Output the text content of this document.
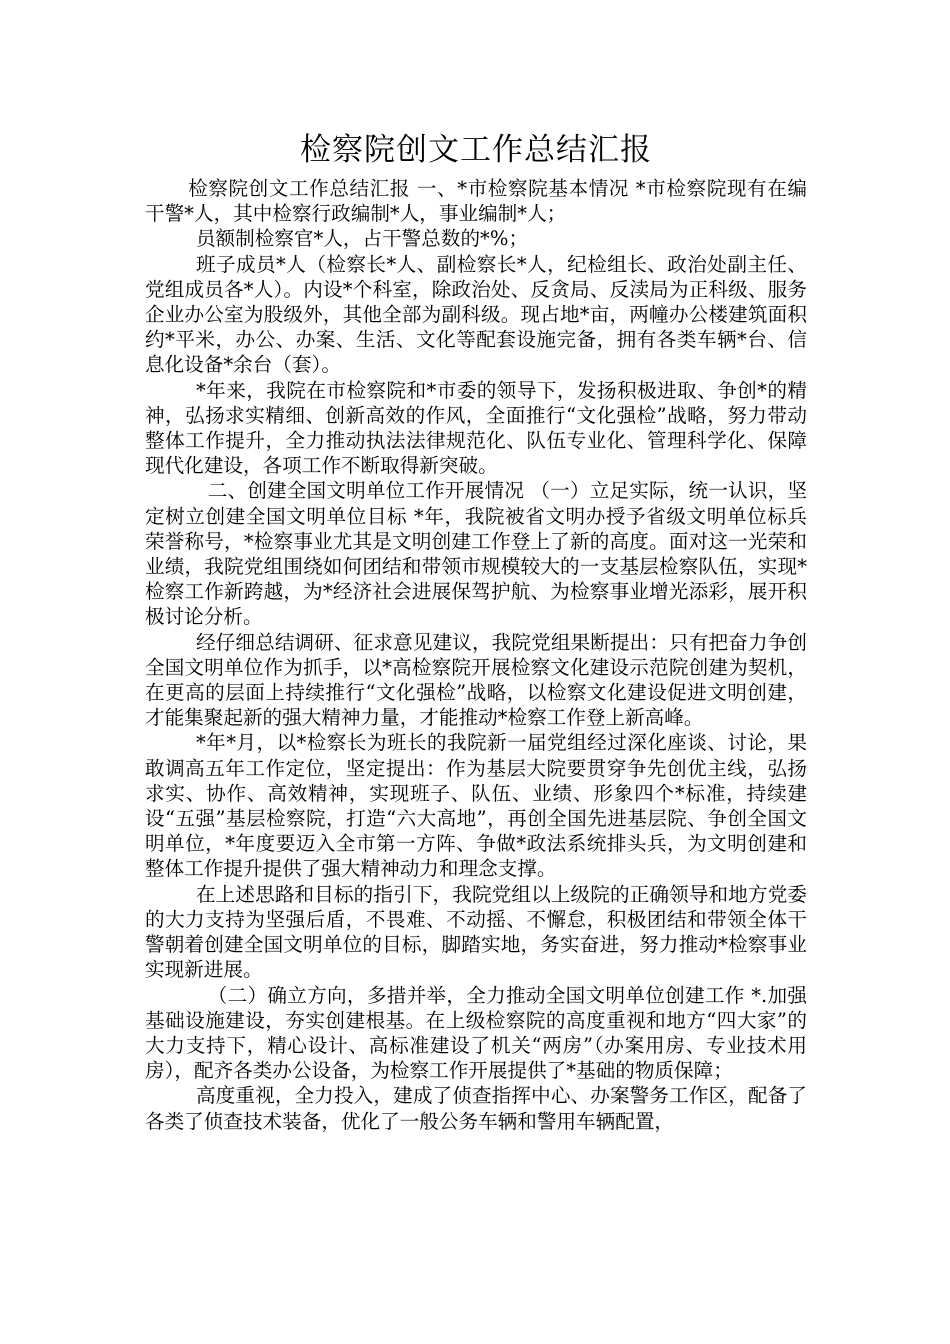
检察院创文工作总结汇报

检察院创文工作总结汇报 一、*市检察院基本情况 *市检察院现有在编干警*人，其中检察行政编制*人，事业编制*人；

员额制检察官*人，占干警总数的*%；

班子成员*人（检察长*人、副检察长*人，纪检组长、政治处副主任、党组成员各*人）。内设*个科室，除政治处、反贪局、反渎局为正科级、服务企业办公室为股级外，其他全部为副科级。现占地*亩，两幢办公楼建筑面积约*平米，办公、办案、生活、文化等配套设施完备，拥有各类车辆*台、信息化设备*余台（套）。

*年来，我院在市检察院和*市委的领导下，发扬积极进取、争创*的精神，弘扬求实精细、创新高效的作风，全面推行“文化强检”战略，努力带动整体工作提升，全力推动执法法律规范化、队伍专业化、管理科学化、保障现代化建设，各项工作不断取得新突破。

二、创建全国文明单位工作开展情况 （一）立足实际，统一认识，坚定树立创建全国文明单位目标 *年，我院被省文明办授予省级文明单位标兵荣誉称号，*检察事业尤其是文明创建工作登上了新的高度。面对这一光荣和业绩，我院党组围绕如何团结和带领市规模较大的一支基层检察队伍，实现*检察工作新跨越，为*经济社会进展保驾护航、为检察事业增光添彩，展开积极讨论分析。

经仔细总结调研、征求意见建议，我院党组果断提出：只有把奋力争创全国文明单位作为抓手，以*高检察院开展检察文化建设示范院创建为契机，在更高的层面上持续推行“文化强检”战略，以检察文化建设促进文明创建，才能集聚起新的强大精神力量，才能推动*检察工作登上新高峰。

*年*月，以*检察长为班长的我院新一届党组经过深化座谈、讨论，果敢调高五年工作定位，坚定提出：作为基层大院要贯穿争先创优主线，弘扬求实、协作、高效精神，实现班子、队伍、业绩、形象四个*标准，持续建设“五强”基层检察院，打造“六大高地”，再创全国先进基层院、争创全国文明单位，*年度要迈入全市第一方阵、争做*政法系统排头兵，为文明创建和整体工作提升提供了强大精神动力和理念支撑。

在上述思路和目标的指引下，我院党组以上级院的正确领导和地方党委的大力支持为坚强后盾，不畏难、不动摇、不懈怠，积极团结和带领全体干警朝着创建全国文明单位的目标，脚踏实地，务实奋进，努力推动*检察事业实现新进展。

（二）确立方向，多措并举，全力推动全国文明单位创建工作 *.加强基础设施建设，夯实创建根基。在上级检察院的高度重视和地方“四大家”的大力支持下，精心设计、高标准建设了机关“两房”（办案用房、专业技术用房），配齐各类办公设备，为检察工作开展提供了*基础的物质保障；

高度重视，全力投入，建成了侦查指挥中心、办案警务工作区，配备了各类了侦查技术装备，优化了一般公务车辆和警用车辆配置，
